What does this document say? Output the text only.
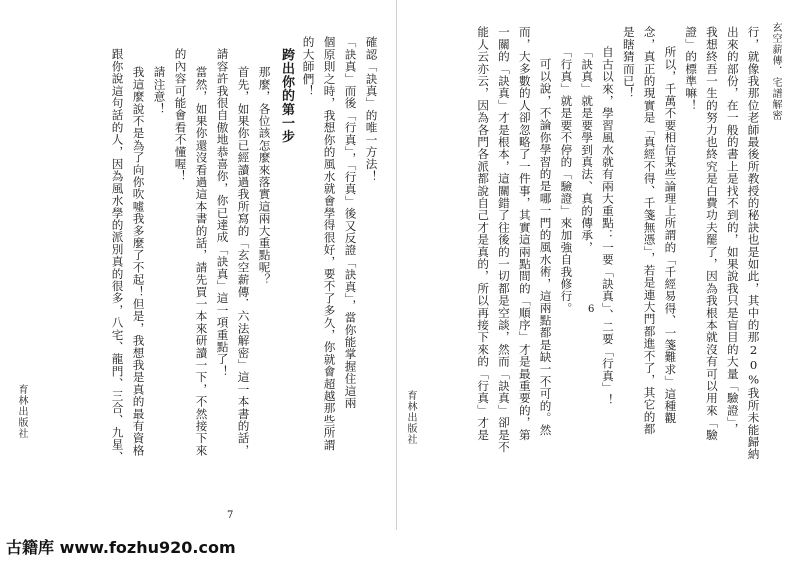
確認「訣真」的唯一方法！
「訣真」而後「行真」，「行真」後又反證「訣真」，當你能掌握住這兩
個原則之時，我想你的風水就會學得很好，要不了多久，你就會超越那些所謂
的大師們！
跨出你的第一步
那麼，各位該怎麼來落實這兩大重點呢？
首先，如果你已經讀過我所寫的「玄空薪傳．六法解密」這一本書的話，
請容許我很自傲地恭喜你，你已達成「訣真」這一項重點了！
當然，如果你還沒看過這本書的話，請先買一本來研讀一下，不然接下來
的內容可能會看不懂喔！
請注意！
我這麼說不是為了向你吹噓我多麼了不起！但是，我想我是真的最有資格
跟你說這句話的人，因為風水學的派別真的很多，八宅、龍門、三合、九星、
育林出版社
7
玄空薪傳．宅譜解密
行，就像我那位老師最後所教授的秘訣也是如此，其中的那20%我所未能歸納
出來的部份，在一般的書上是找不到的，如果說我只是盲目的大量「驗證」，
我想終吾一生的努力也終究是白費功夫罷了，因為我根本就沒有可以用來「驗
證」的標準嘛！
所以，千萬不要相信某些論理上所謂的「千經易得、一箋難求」這種觀
念，真正的現實是「真經不得、千箋無憑」，若是連大門都進不了，其它的都
是瞎猜而已！
自古以來，學習風水就有兩大重點：一要「訣真」、二要「行真」！
「訣真」就是要學到真法、真的傳承，
「行真」就是要不停的「驗證」來加強自我修行。
可以說，不論你學習的是哪一門的風水術，這兩點都是缺一不可的。然
而，大多數的人卻忽略了一件事，其實這兩點間的「順序」才是最重要的，第
一關的「訣真」才是根本，這關錯了往後的一切都是空談，然而「訣真」卻是不
能人云亦云，因為各門各派都說自己才是真的，所以再接下來的「行真」才是
育林出版社
6
古籍库 www.fozhu920.com
